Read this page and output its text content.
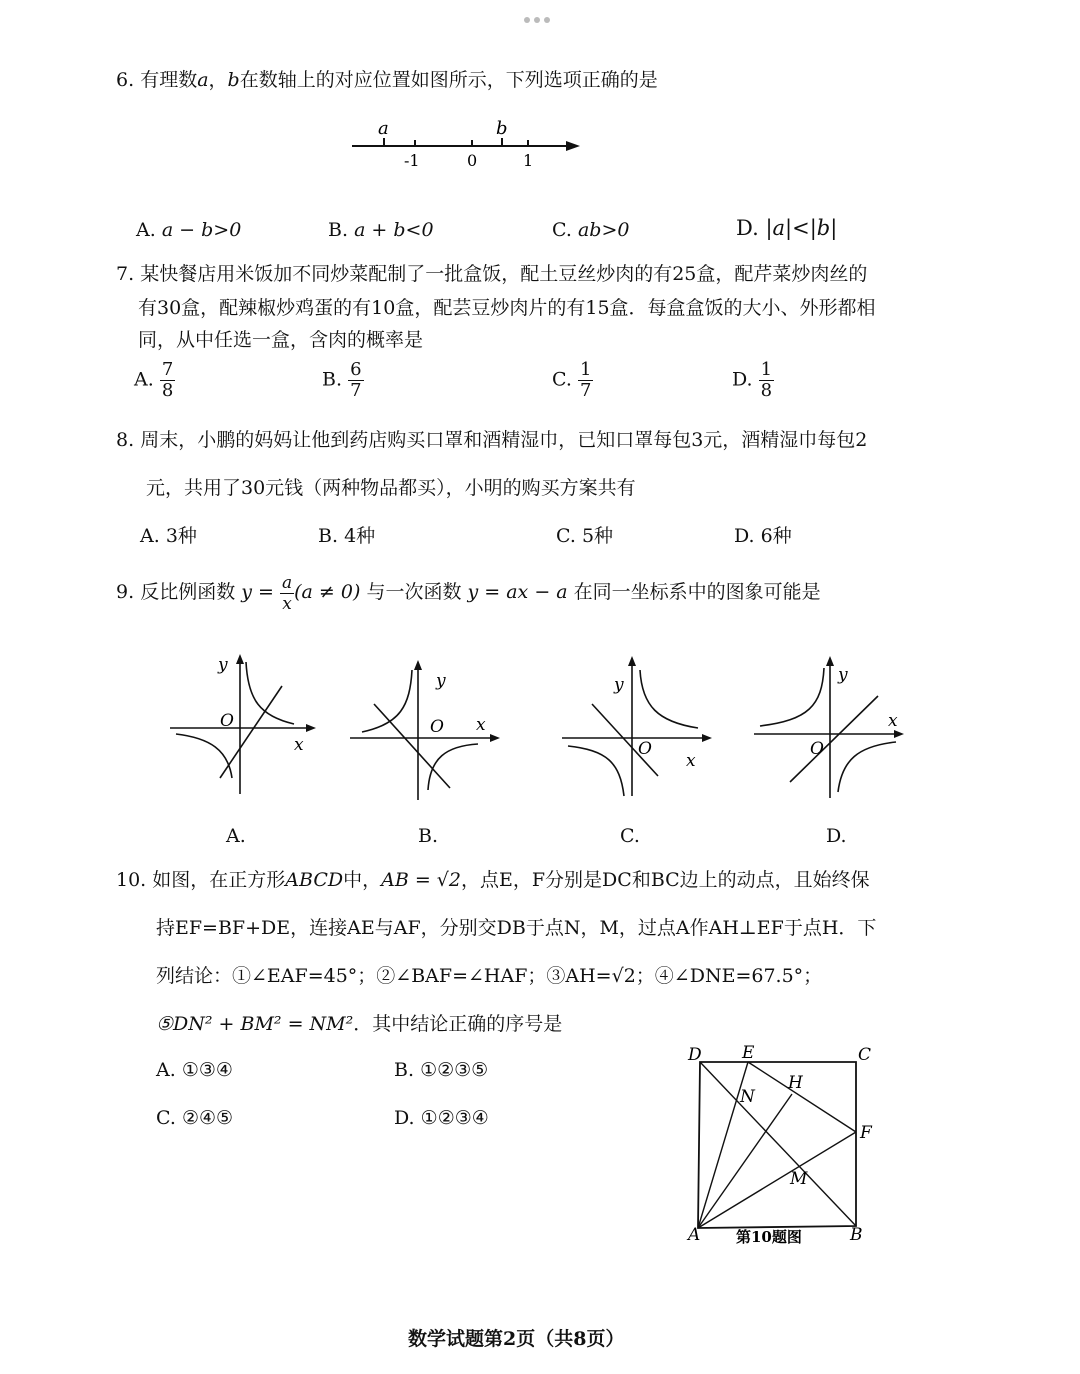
6. 有理数a，b在数轴上的对应位置如图所示，下列选项正确的是
a	b
-1	0	1
A. a − b>0	B. a + b<0	C. ab>0	D. |a|<|b|
7. 某快餐店用米饭加不同炒菜配制了一批盒饭，配土豆丝炒肉的有25盒，配芹菜炒肉丝的
有30盒，配辣椒炒鸡蛋的有10盒，配芸豆炒肉片的有15盒．每盒盒饭的大小、外形都相
同，从中任选一盒，含肉的概率是
A. $\frac{7}{8}$	B. $\frac{6}{7}$	C. $\frac{1}{7}$	D. $\frac{1}{8}$
8. 周末，小鹏的妈妈让他到药店购买口罩和酒精湿巾，已知口罩每包3元，酒精湿巾每包2
元，共用了30元钱（两种物品都买），小明的购买方案共有
A. 3种	B. 4种	C. 5种	D. 6种
9. 反比例函数 $y = \frac{a}{x} (a \ne 0)$ 与一次函数 y = ax − a 在同一坐标系中的图象可能是
y
O
x
A.
y
O x
B.
y
O
x
C.
y
O
x
D.
10. 如图，在正方形ABCD中，AB = √2，点E，F分别是DC和BC边上的动点，且始终保
持EF=BF+DE，连接AE与AF，分别交DB于点N，M，过点A作AH⊥EF于点H．下
列结论：①∠EAF=45°；②∠BAF=∠HAF；③AH=√2；④∠DNE=67.5°；
⑤DN² + BM² = NM²．其中结论正确的序号是
A. ①③④	B. ①②③⑤
C. ②④⑤	D. ①②③④
D E	C
H
N
F
M
A	B
第10题图
数学试题第2页（共8页）
